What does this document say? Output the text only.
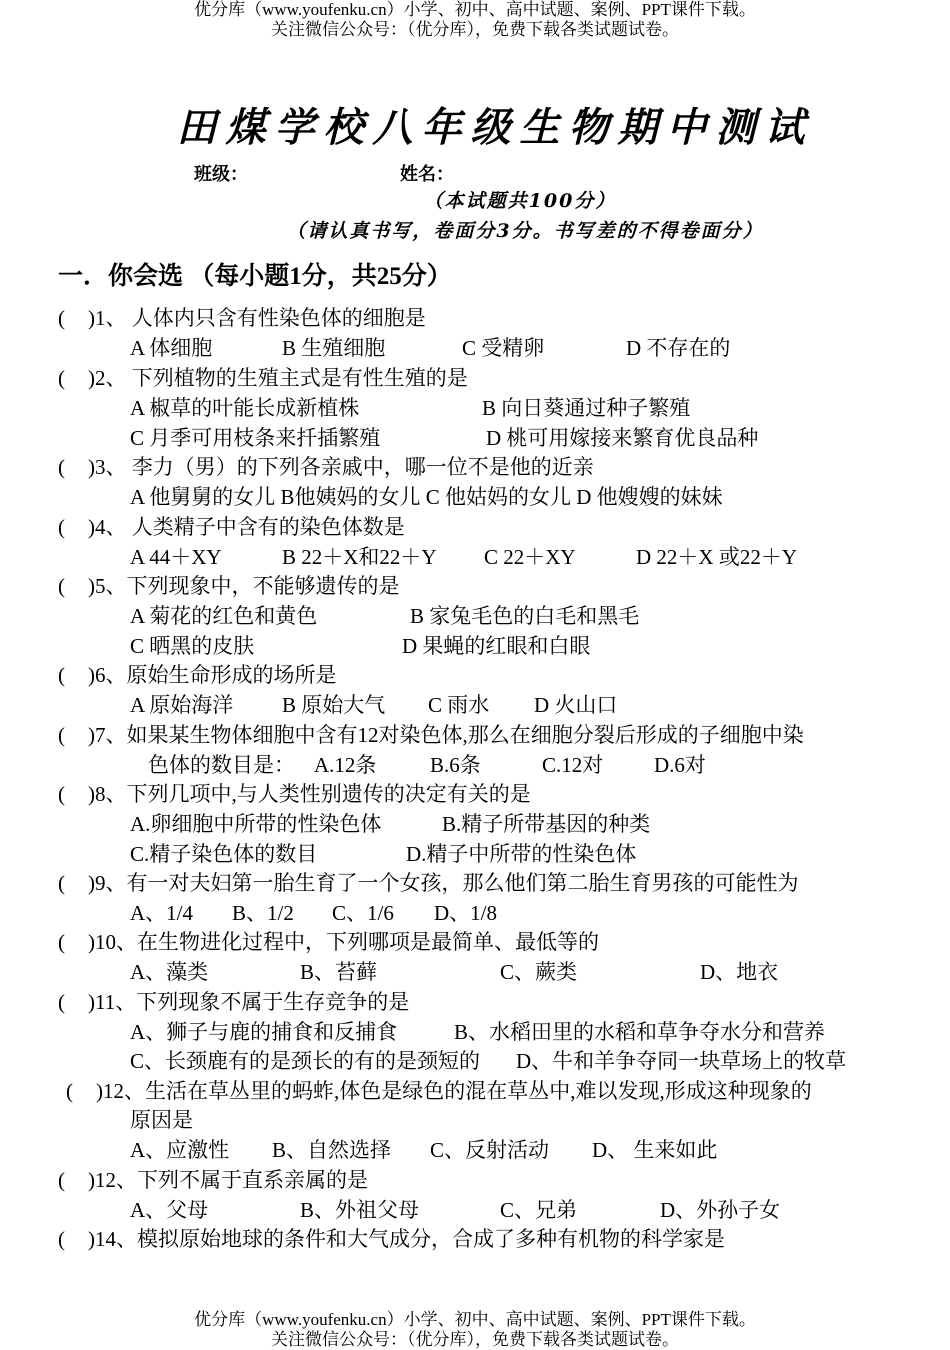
优分库（www.youfenku.cn）小学、初中、高中试题、案例、PPT课件下载。
关注微信公众号：（优分库），免费下载各类试题试卷。
田煤学校八年级生物期中测试
班级：	姓名：
（本试题共100分）
（请认真书写，卷面分3分。书写差的不得卷面分）
一．你会选 （每小题1分，共25分）
( )1、 人体内只含有性染色体的细胞是
A 体细胞	B 生殖细胞	C 受精卵	D 不存在的
( )2、 下列植物的生殖主式是有性生殖的是
A 椒草的叶能长成新植株	B 向日葵通过种子繁殖
C 月季可用枝条来扦插繁殖	D 桃可用嫁接来繁育优良品种
( )3、 李力（男）的下列各亲戚中，哪一位不是他的近亲
A 他舅舅的女儿 B他姨妈的女儿 C 他姑妈的女儿 D 他嫂嫂的妹妹
( )4、 人类精子中含有的染色体数是
A 44＋XY	B 22＋X和22＋Y C 22＋XY	D 22＋X 或22＋Y
( )5、下列现象中，不能够遗传的是
A 菊花的红色和黄色	B 家兔毛色的白毛和黑毛
C 晒黑的皮肤	D 果蝇的红眼和白眼
( )6、原始生命形成的场所是
A 原始海洋 B 原始大气 C 雨水 D 火山口
( )7、如果某生物体细胞中含有12对染色体,那么在细胞分裂后形成的子细胞中染
色体的数目是： A.12条	B.6条	C.12对 D.6对
( )8、下列几项中,与人类性别遗传的决定有关的是
A.卵细胞中所带的性染色体	B.精子所带基因的种类
C.精子染色体的数目	D.精子中所带的性染色体
( )9、有一对夫妇第一胎生育了一个女孩，那么他们第二胎生育男孩的可能性为
A、1/4 B、1/2 C、1/6 D、1/8
( )10、在生物进化过程中，下列哪项是最简单、最低等的
A、藻类	B、苔藓	C、蕨类	D、地衣
( )11、下列现象不属于生存竞争的是
A、狮子与鹿的捕食和反捕食	B、水稻田里的水稻和草争夺水分和营养
C、长颈鹿有的是颈长的有的是颈短的 D、牛和羊争夺同一块草场上的牧草
( )12、生活在草丛里的蚂蚱,体色是绿色的混在草丛中,难以发现,形成这种现象的
原因是
A、应激性 B、自然选择 C、反射活动 D、 生来如此
( )12、下列不属于直系亲属的是
A、父母	B、外祖父母	C、兄弟	D、外孙子女
( )14、模拟原始地球的条件和大气成分，合成了多种有机物的科学家是
优分库（www.youfenku.cn）小学、初中、高中试题、案例、PPT课件下载。
关注微信公众号：（优分库），免费下载各类试题试卷。
